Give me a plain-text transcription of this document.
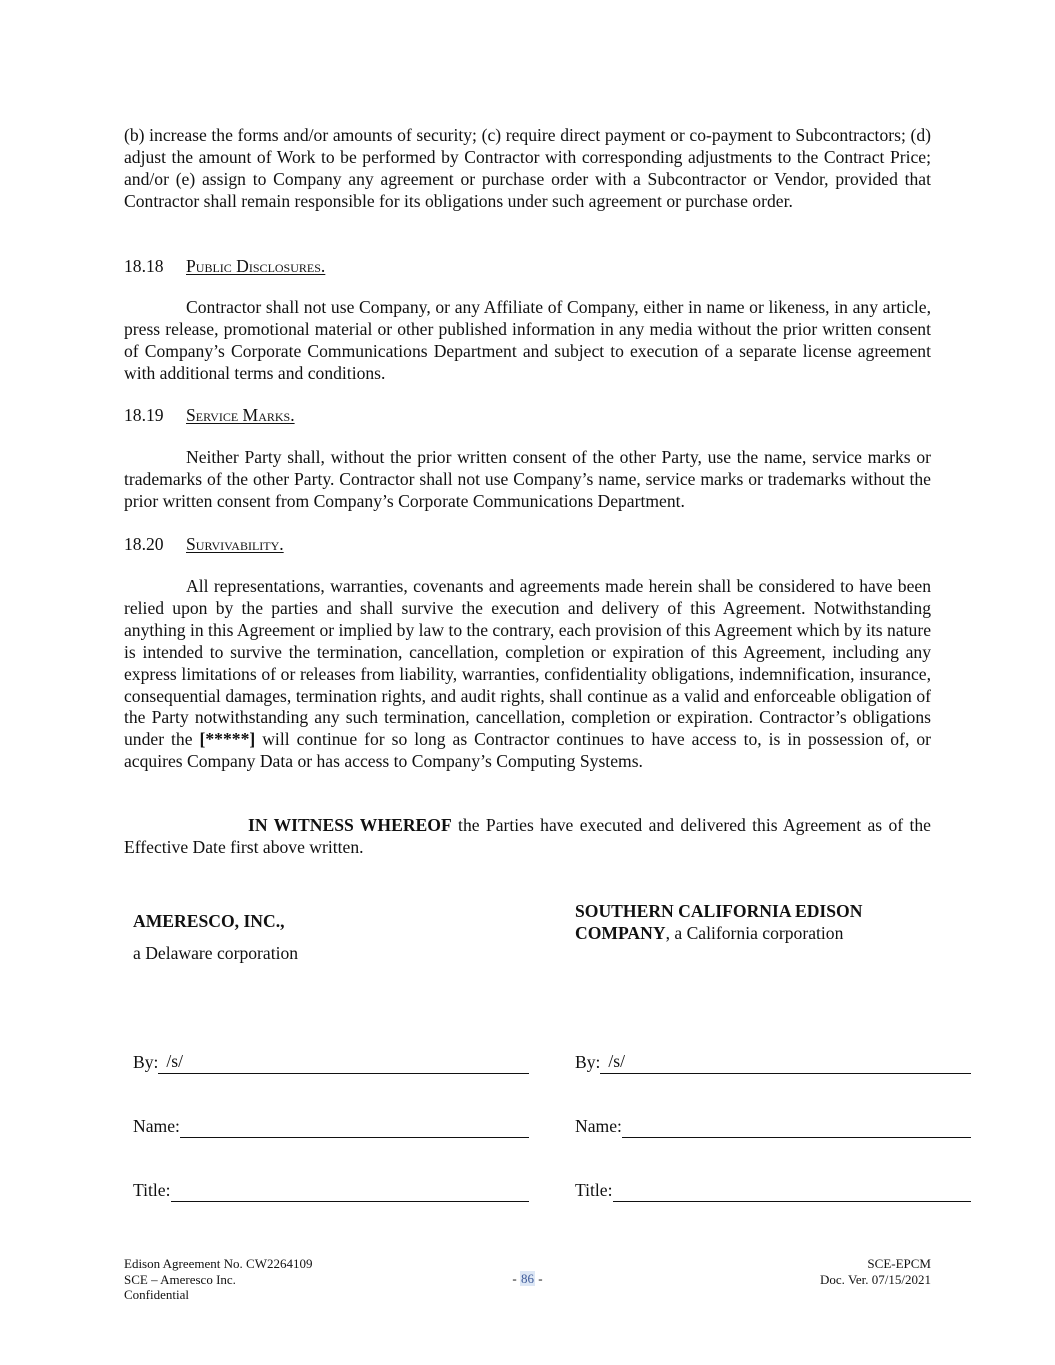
(b) increase the forms and/or amounts of security; (c) require direct payment or co-payment to Subcontractors; (d) adjust the amount of Work to be performed by Contractor with corresponding adjustments to the Contract Price; and/or (e) assign to Company any agreement or purchase order with a Subcontractor or Vendor, provided that Contractor shall remain responsible for its obligations under such agreement or purchase order.

18.18 Public Disclosures.

Contractor shall not use Company, or any Affiliate of Company, either in name or likeness, in any article, press release, promotional material or other published information in any media without the prior written consent of Company’s Corporate Communications Department and subject to execution of a separate license agreement with additional terms and conditions.

18.19 Service Marks.

Neither Party shall, without the prior written consent of the other Party, use the name, service marks or trademarks of the other Party. Contractor shall not use Company’s name, service marks or trademarks without the prior written consent from Company’s Corporate Communications Department.

18.20 Survivability.

All representations, warranties, covenants and agreements made herein shall be considered to have been relied upon by the parties and shall survive the execution and delivery of this Agreement. Notwithstanding anything in this Agreement or implied by law to the contrary, each provision of this Agreement which by its nature is intended to survive the termination, cancellation, completion or expiration of this Agreement, including any express limitations of or releases from liability, warranties, confidentiality obligations, indemnification, insurance, consequential damages, termination rights, and audit rights, shall continue as a valid and enforceable obligation of the Party notwithstanding any such termination, cancellation, completion or expiration. Contractor’s obligations under the [*****] will continue for so long as Contractor continues to have access to, is in possession of, or acquires Company Data or has access to Company’s Computing Systems.

IN WITNESS WHEREOF the Parties have executed and delivered this Agreement as of the Effective Date first above written.

AMERESCO, INC.,

a Delaware corporation

SOUTHERN CALIFORNIA EDISON

COMPANY, a California corporation

By: /s/
Name:
Title:
By: /s/
Name:
Title:
Edison Agreement No. CW2264109
SCE – Ameresco Inc.
Confidential
- 86 -
SCE-EPCM
Doc. Ver. 07/15/2021
